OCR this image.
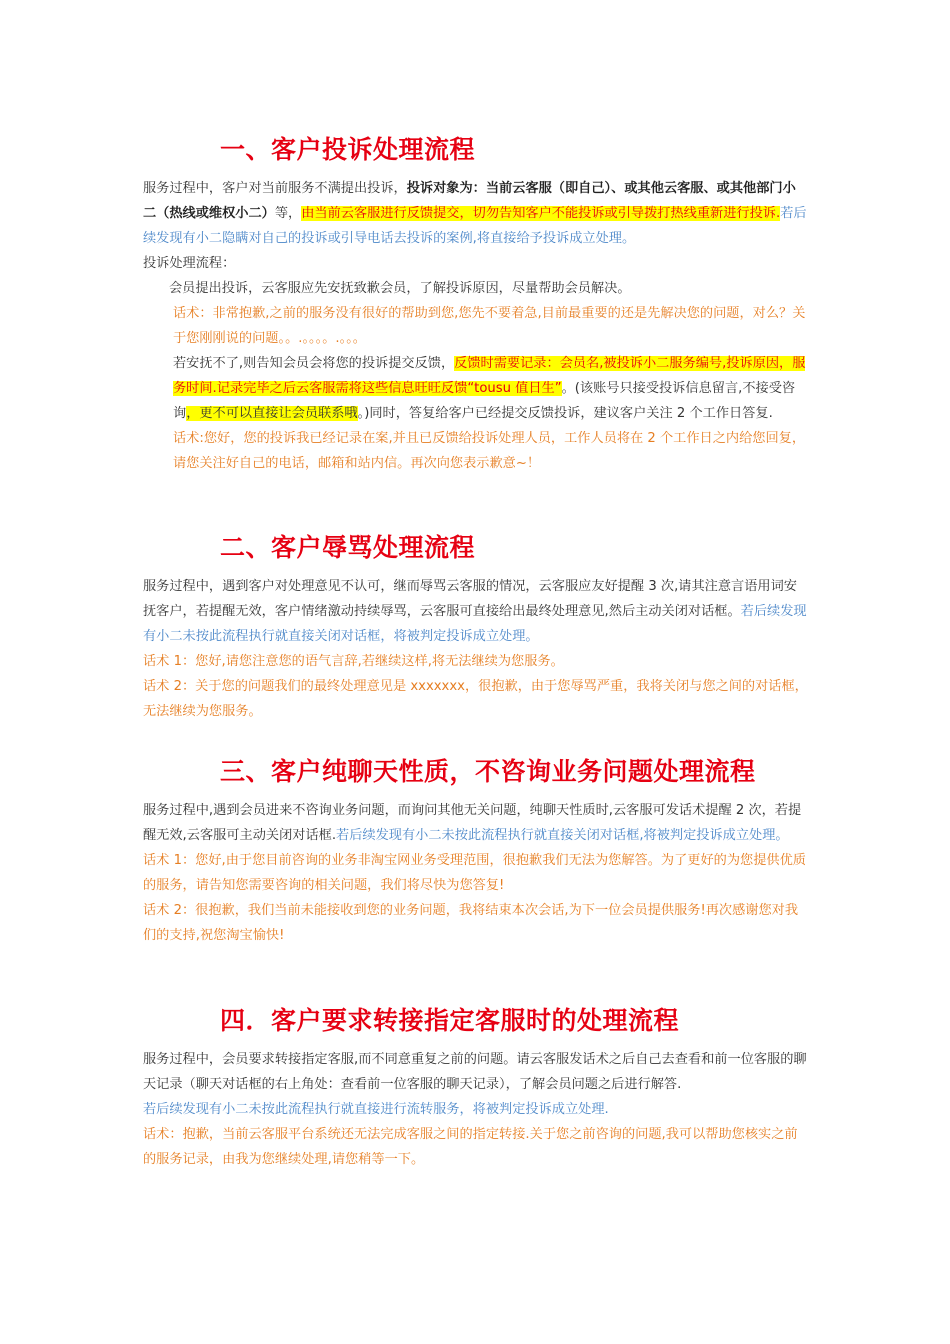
一、客户投诉处理流程

服务过程中，客户对当前服务不满提出投诉，投诉对象为：当前云客服（即自己）、或其他云客服、或其他部门小二（热线或维权小二）等，由当前云客服进行反馈提交，切勿告知客户不能投诉或引导拨打热线重新进行投诉.若后续发现有小二隐瞒对自己的投诉或引导电话去投诉的案例,将直接给予投诉成立处理。

投诉处理流程：

会员提出投诉，云客服应先安抚致歉会员，了解投诉原因，尽量帮助会员解决。

话术：非常抱歉,之前的服务没有很好的帮助到您,您先不要着急,目前最重要的还是先解决您的问题，对么？关于您刚刚说的问题。。.。。。。.。。。

若安抚不了,则告知会员会将您的投诉提交反馈，反馈时需要记录：会员名,被投诉小二服务编号,投诉原因，服务时间.记录完毕之后云客服需将这些信息旺旺反馈“tousu 值日生”。(该账号只接受投诉信息留言,不接受咨询，更不可以直接让会员联系哦。)同时，答复给客户已经提交反馈投诉，建议客户关注 2 个工作日答复.

话术:您好，您的投诉我已经记录在案,并且已反馈给投诉处理人员，工作人员将在 2 个工作日之内给您回复，请您关注好自己的电话，邮箱和站内信。再次向您表示歉意~！

二、客户辱骂处理流程

服务过程中，遇到客户对处理意见不认可，继而辱骂云客服的情况，云客服应友好提醒 3 次,请其注意言语用词安抚客户，若提醒无效，客户情绪激动持续辱骂，云客服可直接给出最终处理意见,然后主动关闭对话框。若后续发现有小二未按此流程执行就直接关闭对话框，将被判定投诉成立处理。

话术 1：您好,请您注意您的语气言辞,若继续这样,将无法继续为您服务。

话术 2：关于您的问题我们的最终处理意见是 xxxxxxx，很抱歉，由于您辱骂严重，我将关闭与您之间的对话框，无法继续为您服务。

三、客户纯聊天性质，不咨询业务问题处理流程

服务过程中,遇到会员进来不咨询业务问题，而询问其他无关问题，纯聊天性质时,云客服可发话术提醒 2 次，若提醒无效,云客服可主动关闭对话框.若后续发现有小二未按此流程执行就直接关闭对话框,将被判定投诉成立处理。

话术 1：您好,由于您目前咨询的业务非淘宝网业务受理范围，很抱歉我们无法为您解答。为了更好的为您提供优质的服务，请告知您需要咨询的相关问题，我们将尽快为您答复!

话术 2：很抱歉，我们当前未能接收到您的业务问题，我将结束本次会话,为下一位会员提供服务!再次感谢您对我们的支持,祝您淘宝愉快!

四．客户要求转接指定客服时的处理流程

服务过程中，会员要求转接指定客服,而不同意重复之前的问题。请云客服发话术之后自己去查看和前一位客服的聊天记录（聊天对话框的右上角处：查看前一位客服的聊天记录），了解会员问题之后进行解答.

若后续发现有小二未按此流程执行就直接进行流转服务，将被判定投诉成立处理.

话术：抱歉，当前云客服平台系统还无法完成客服之间的指定转接.关于您之前咨询的问题,我可以帮助您核实之前的服务记录，由我为您继续处理,请您稍等一下。
